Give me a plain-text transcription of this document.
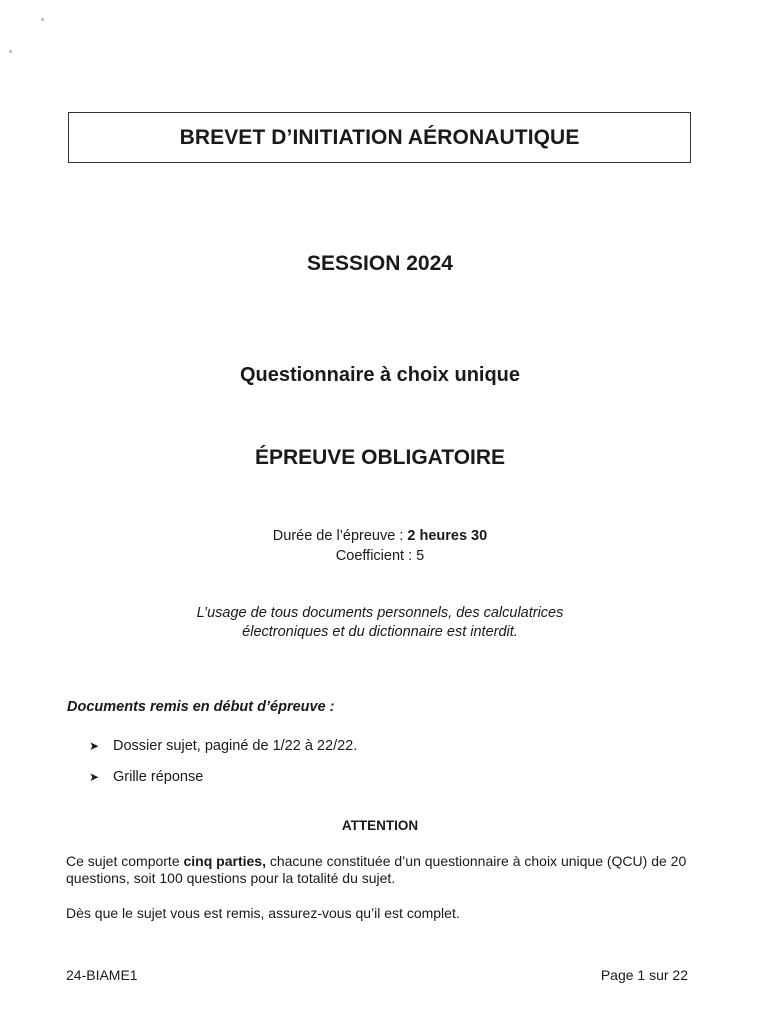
BREVET D’INITIATION AÉRONAUTIQUE
SESSION 2024
Questionnaire à choix unique
ÉPREUVE OBLIGATOIRE
Durée de l’épreuve : 2 heures 30
Coefficient : 5
L’usage de tous documents personnels, des calculatrices
électroniques et du dictionnaire est interdit.
Documents remis en début d’épreuve :
➤ Dossier sujet, paginé de 1/22 à 22/22.
➤ Grille réponse
ATTENTION
Ce sujet comporte cinq parties, chacune constituée d’un questionnaire à choix unique (QCU) de 20 questions, soit 100 questions pour la totalité du sujet.
Dès que le sujet vous est remis, assurez-vous qu’il est complet.
24-BIAME1	Page 1 sur 22
